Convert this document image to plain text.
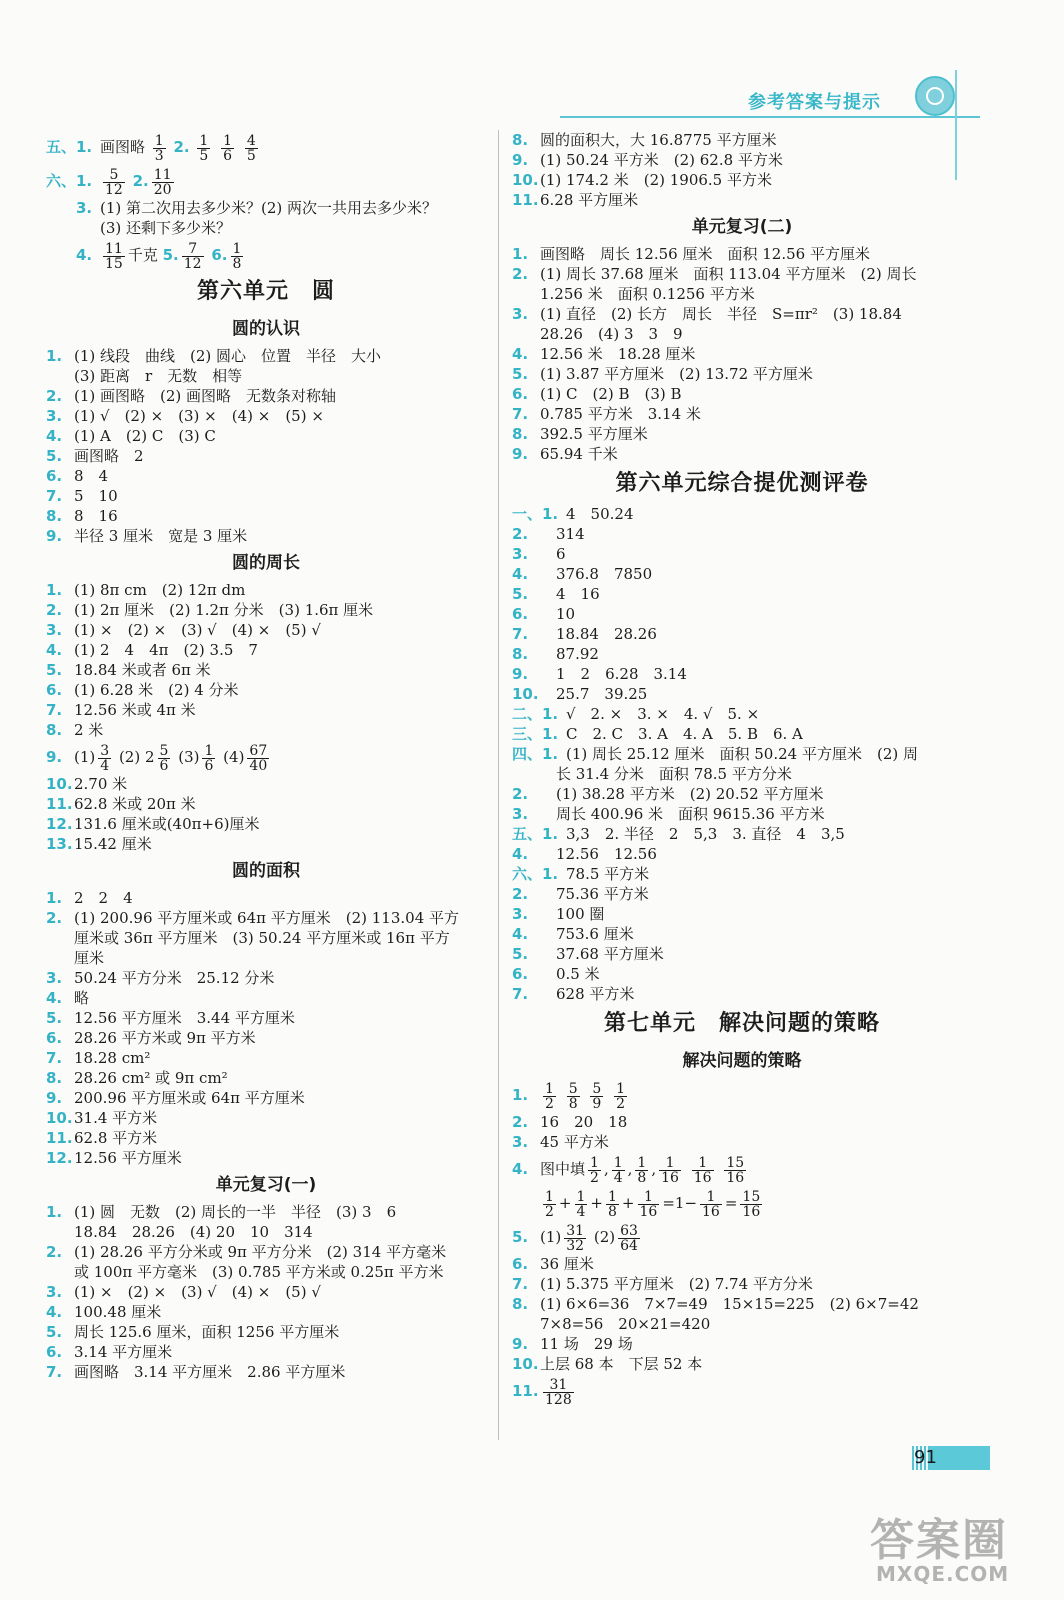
参考答案与提示
五、1. 画图略 $\frac{1}{3} 2$. $\frac{1}{5}$
$\frac{1}{6}$
$\frac{4}{5}$
六、1. $\frac{5}{12} 2$. $\frac{11}{20}$
3. (1) 第二次用去多少米？(2) 两次一共用去多少米？
(3) 还剩下多少米？
4. $\frac{11}{15}$ 千克 5. $\frac{7}{12} 6$. $\frac{1}{8}$
第六单元　圆
圆的认识
1. (1) 线段　曲线　(2) 圆心　位置　半径　大小
(3) 距离　r　无数　相等
2. (1) 画图略　(2) 画图略　无数条对称轴
3. (1) √　(2) ×　(3) ×　(4) ×　(5) ×
4. (1) A　(2) C　(3) C
5. 画图略　2
6. 8　4
7. 5　10
8. 8　16
9. 半径 3 厘米　宽是 3 厘米
圆的周长
1. (1) 8π cm　(2) 12π dm
2. (1) 2π 厘米　(2) 1.2π 分米　(3) 1.6π 厘米
3. (1) ×　(2) ×　(3) √　(4) ×　(5) √
4. (1) 2　4　4π　(2) 3.5　7
5. 18.84 米或者 6π 米
6. (1) 6.28 米　(2) 4 分米
7. 12.56 米或 4π 米
8. 2 米
9. $(1) \frac{3}{4} (2)$ $2 \frac{5}{6} (3) \frac{1}{6} (4) \frac{67}{40}$
10. 2.70 米
11. 62.8 米或 20π 米
12. 131.6 厘米或(40π+6)厘米
13. 15.42 厘米
圆的面积
1. 2　2　4
2. (1) 200.96 平方厘米或 64π 平方厘米　(2) 113.04 平方
厘米或 36π 平方厘米　(3) 50.24 平方厘米或 16π 平方
厘米
3. 50.24 平方分米　25.12 分米
4. 略
5. 12.56 平方厘米　3.44 平方厘米
6. 28.26 平方米或 9π 平方米
7. 18.28 cm²
8. 28.26 cm² 或 9π cm²
9. 200.96 平方厘米或 64π 平方厘米
10. 31.4 平方米
11. 62.8 平方米
12. 12.56 平方厘米
单元复习(一)
1. (1) 圆　无数　(2) 周长的一半　半径　(3) 3　6
18.84　28.26　(4) 20　10　314
2. (1) 28.26 平方分米或 9π 平方分米　(2) 314 平方毫米
或 100π 平方毫米　(3) 0.785 平方米或 0.25π 平方米
3. (1) ×　(2) ×　(3) √　(4) ×　(5) √
4. 100.48 厘米
5. 周长 125.6 厘米，面积 1256 平方厘米
6. 3.14 平方厘米
7. 画图略　3.14 平方厘米　2.86 平方厘米
8. 圆的面积大，大 16.8775 平方厘米
9. (1) 50.24 平方米　(2) 62.8 平方米
10. (1) 174.2 米　(2) 1906.5 平方米
11. 6.28 平方厘米
单元复习(二)
1. 画图略　周长 12.56 厘米　面积 12.56 平方厘米
2. (1) 周长 37.68 厘米　面积 113.04 平方厘米　(2) 周长
1.256 米　面积 0.1256 平方米
3. (1) 直径　(2) 长方　周长　半径　S=πr²　(3) 18.84
28.26　(4) 3　3　9
4. 12.56 米　18.28 厘米
5. (1) 3.87 平方厘米　(2) 13.72 平方厘米
6. (1) C　(2) B　(3) B
7. 0.785 平方米　3.14 米
8. 392.5 平方厘米
9. 65.94 千米
第六单元综合提优测评卷
一、1. 4　50.24
2. 314
3. 6
4. 376.8　7850
5. 4　16
6. 10
7. 18.84　28.26
8. 87.92
9. 1　2　6.28　3.14
10. 25.7　39.25
二、1. √　2. ×　3. ×　4. √　5. ×
三、1. C　2. C　3. A　4. A　5. B　6. A
四、1. (1) 周长 25.12 厘米　面积 50.24 平方厘米　(2) 周
长 31.4 分米　面积 78.5 平方分米
2. (1) 38.28 平方米　(2) 20.52 平方厘米
3. 周长 400.96 米　面积 9615.36 平方米
五、1. 3,3　2. 半径　2　5,3　3. 直径　4　3,5
4. 12.56　12.56
六、1. 78.5 平方米
2. 75.36 平方米
3. 100 圈
4. 753.6 厘米
5. 37.68 平方厘米
6. 0.5 米
7. 628 平方米
第七单元　解决问题的策略
解决问题的策略
1. $\frac{1}{2}$
$\frac{5}{8}$
$\frac{5}{9}$
$\frac{1}{2}$
2. 16　20　18
3. 45 平方米
4. 图中填 $\frac{1}{2}$ , $\frac{1}{4}$ , $\frac{1}{8}$ , $\frac{1}{16}$
$\frac{1}{16}$
$\frac{15}{16}$
$\frac{1}{2} + \frac{1}{4} + \frac{1}{8} + \frac{1}{16} =1- \frac{1}{16} = \frac{15}{16}$
5. $(1) \frac{31}{32} (2) \frac{63}{64}$
6. 36 厘米
7. (1) 5.375 平方厘米　(2) 7.74 平方分米
8. (1) 6×6=36　7×7=49　15×15=225　(2) 6×7=42
7×8=56　20×21=420
9. 11 场　29 场
10. 上层 68 本　下层 52 本
11. $\frac{31}{128}$
91
答案圈
MXQE.COM
